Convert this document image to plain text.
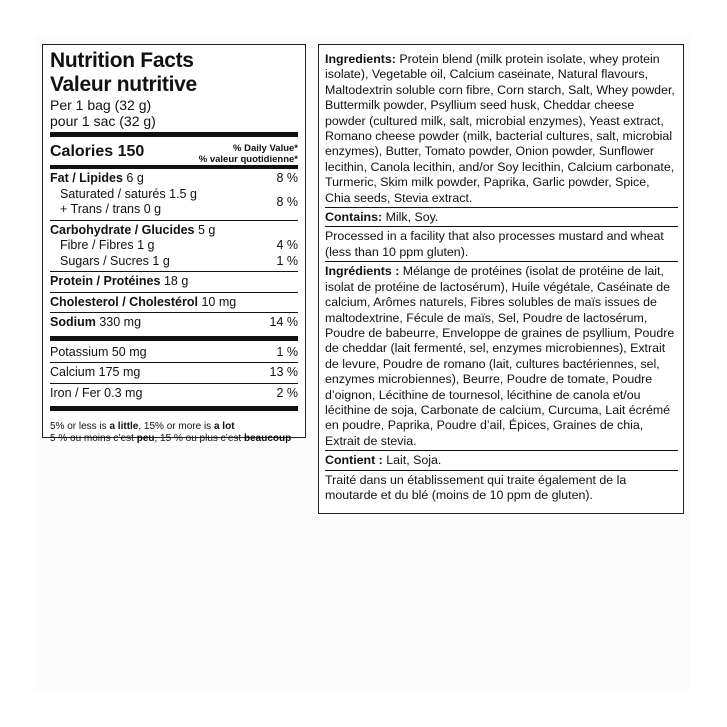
Nutrition Facts
Valeur nutritive
Per 1 bag (32 g)
pour 1 sac (32 g)
Calories 150	% Daily Value*
% valeur quotidienne*
Fat / Lipides 6 g	8 %
Saturated / saturés 1.5 g
+ Trans / trans 0 g	8 %
Carbohydrate / Glucides 5 g
Fibre / Fibres 1 g	4 %
Sugars / Sucres 1 g	1 %
Protein / Protéines 18 g
Cholesterol / Cholestérol 10 mg
Sodium 330 mg	14 %
Potassium 50 mg	1 %
Calcium 175 mg	13 %
Iron / Fer 0.3 mg	2 %
5% or less is a little, 15% or more is a lot
5 % ou moins c’est peu, 15 % ou plus c’est beaucoup

Ingredients: Protein blend (milk protein isolate, whey protein isolate), Vegetable oil, Calcium caseinate, Natural flavours, Maltodextrin soluble corn fibre, Corn starch, Salt, Whey powder, Buttermilk powder, Psyllium seed husk, Cheddar cheese powder (cultured milk, salt, microbial enzymes), Yeast extract, Romano cheese powder (milk, bacterial cultures, salt, microbial enzymes), Butter, Tomato powder, Onion powder, Sunflower lecithin, Canola lecithin, and/or Soy lecithin, Calcium carbonate, Turmeric, Skim milk powder, Paprika, Garlic powder, Spice, Chia seeds, Stevia extract.

Contains: Milk, Soy.

Processed in a facility that also processes mustard and wheat (less than 10 ppm gluten).

Ingrédients : Mélange de protéines (isolat de protéine de lait, isolat de protéine de lactosérum), Huile végétale, Caséinate de calcium, Arômes naturels, Fibres solubles de maïs issues de maltodextrine, Fécule de maïs, Sel, Poudre de lactosérum, Poudre de babeurre, Enveloppe de graines de psyllium, Poudre de cheddar (lait fermenté, sel, enzymes microbiennes), Extrait de levure, Poudre de romano (lait, cultures bactériennes, sel, enzymes microbiennes), Beurre, Poudre de tomate, Poudre d’oignon, Lécithine de tournesol, lécithine de canola et/ou lécithine de soja, Carbonate de calcium, Curcuma, Lait écrémé en poudre, Paprika, Poudre d’ail, Épices, Graines de chia, Extrait de stevia.

Contient : Lait, Soja.

Traité dans un établissement qui traite également de la moutarde et du blé (moins de 10 ppm de gluten).
